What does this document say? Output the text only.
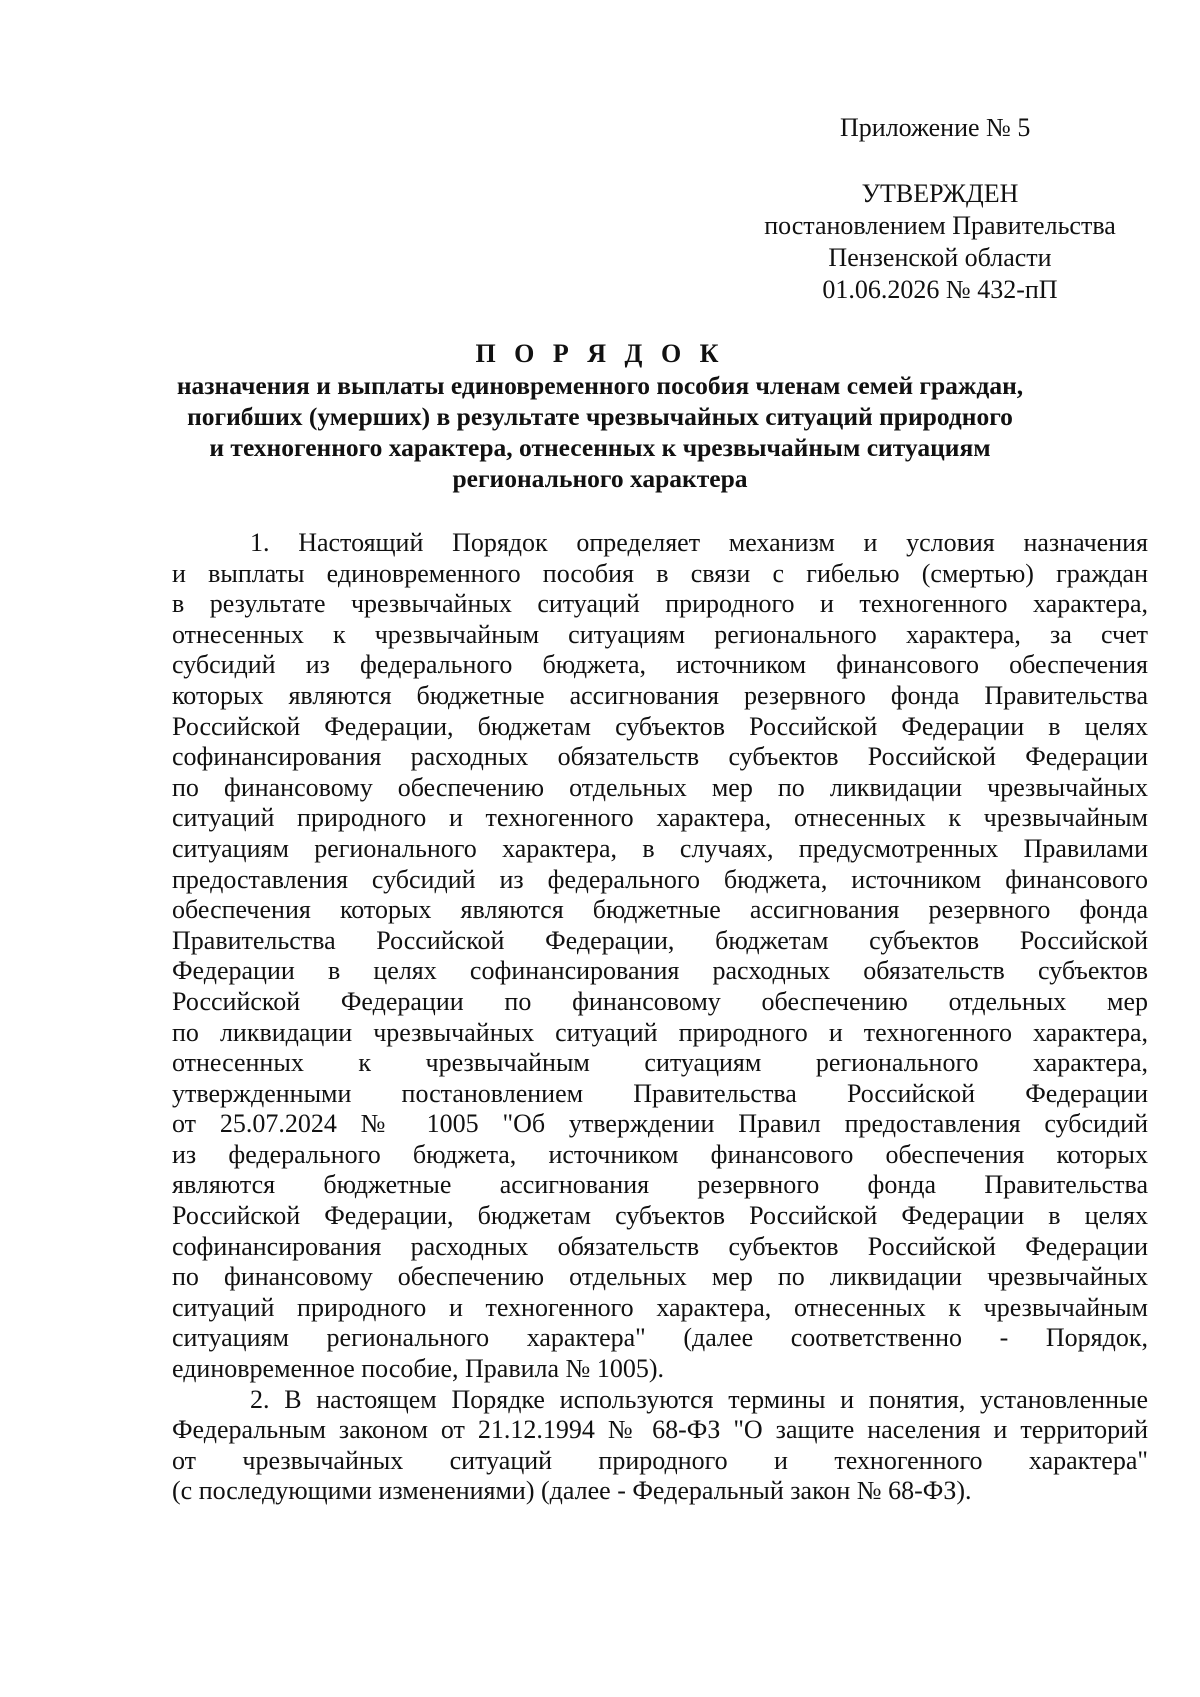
Приложение № 5
УТВЕРЖДЕН
постановлением Правительства
Пензенской области
01.06.2026 № 432-пП
П О Р Я Д О К
назначения и выплаты единовременного пособия членам семей граждан,
погибших (умерших) в результате чрезвычайных ситуаций природного
и техногенного характера, отнесенных к чрезвычайным ситуациям
регионального характера
1. Настоящий Порядок определяет механизм и условия назначения
и выплаты единовременного пособия в связи с гибелью (смертью) граждан
в результате чрезвычайных ситуаций природного и техногенного характера,
отнесенных к чрезвычайным ситуациям регионального характера, за счет
субсидий из федерального бюджета, источником финансового обеспечения
которых являются бюджетные ассигнования резервного фонда Правительства
Российской Федерации, бюджетам субъектов Российской Федерации в целях
софинансирования расходных обязательств субъектов Российской Федерации
по финансовому обеспечению отдельных мер по ликвидации чрезвычайных
ситуаций природного и техногенного характера, отнесенных к чрезвычайным
ситуациям регионального характера, в случаях, предусмотренных Правилами
предоставления субсидий из федерального бюджета, источником финансового
обеспечения которых являются бюджетные ассигнования резервного фонда
Правительства Российской Федерации, бюджетам субъектов Российской
Федерации в целях софинансирования расходных обязательств субъектов
Российской Федерации по финансовому обеспечению отдельных мер
по ликвидации чрезвычайных ситуаций природного и техногенного характера,
отнесенных к чрезвычайным ситуациям регионального характера,
утвержденными постановлением Правительства Российской Федерации
от 25.07.2024 № 1005 "Об утверждении Правил предоставления субсидий
из федерального бюджета, источником финансового обеспечения которых
являются бюджетные ассигнования резервного фонда Правительства
Российской Федерации, бюджетам субъектов Российской Федерации в целях
софинансирования расходных обязательств субъектов Российской Федерации
по финансовому обеспечению отдельных мер по ликвидации чрезвычайных
ситуаций природного и техногенного характера, отнесенных к чрезвычайным
ситуациям регионального характера" (далее соответственно - Порядок,
единовременное пособие, Правила № 1005).
2. В настоящем Порядке используются термины и понятия, установленные
Федеральным законом от 21.12.1994 № 68-ФЗ "О защите населения и территорий
от чрезвычайных ситуаций природного и техногенного характера"
(с последующими изменениями) (далее - Федеральный закон № 68-ФЗ).
